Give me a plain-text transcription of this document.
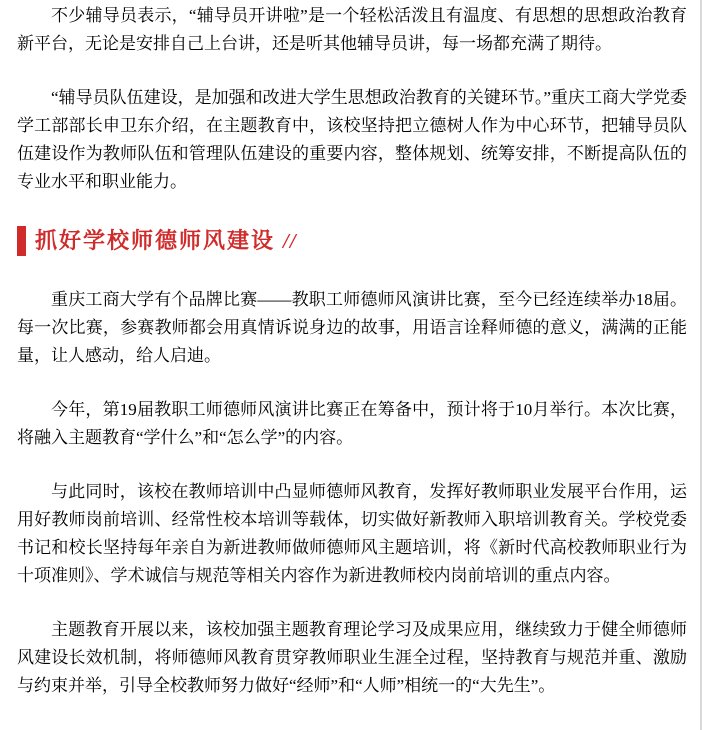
不少辅导员表示，“辅导员开讲啦”是一个轻松活泼且有温度、有思想的思想政治教育新平台，无论是安排自己上台讲，还是听其他辅导员讲，每一场都充满了期待。

“辅导员队伍建设，是加强和改进大学生思想政治教育的关键环节。”重庆工商大学党委学工部部长申卫东介绍，在主题教育中，该校坚持把立德树人作为中心环节，把辅导员队伍建设作为教师队伍和管理队伍建设的重要内容，整体规划、统筹安排，不断提高队伍的专业水平和职业能力。

抓好学校师德师风建设 //

重庆工商大学有个品牌比赛——教职工师德师风演讲比赛，至今已经连续举办18届。每一次比赛，参赛教师都会用真情诉说身边的故事，用语言诠释师德的意义，满满的正能量，让人感动，给人启迪。

今年，第19届教职工师德师风演讲比赛正在筹备中，预计将于10月举行。本次比赛，将融入主题教育“学什么”和“怎么学”的内容。

与此同时，该校在教师培训中凸显师德师风教育，发挥好教师职业发展平台作用，运用好教师岗前培训、经常性校本培训等载体，切实做好新教师入职培训教育关。学校党委书记和校长坚持每年亲自为新进教师做师德师风主题培训，将《新时代高校教师职业行为十项准则》、学术诚信与规范等相关内容作为新进教师校内岗前培训的重点内容。

主题教育开展以来，该校加强主题教育理论学习及成果应用，继续致力于健全师德师风建设长效机制，将师德师风教育贯穿教师职业生涯全过程，坚持教育与规范并重、激励与约束并举，引导全校教师努力做好“经师”和“人师”相统一的“大先生”。
